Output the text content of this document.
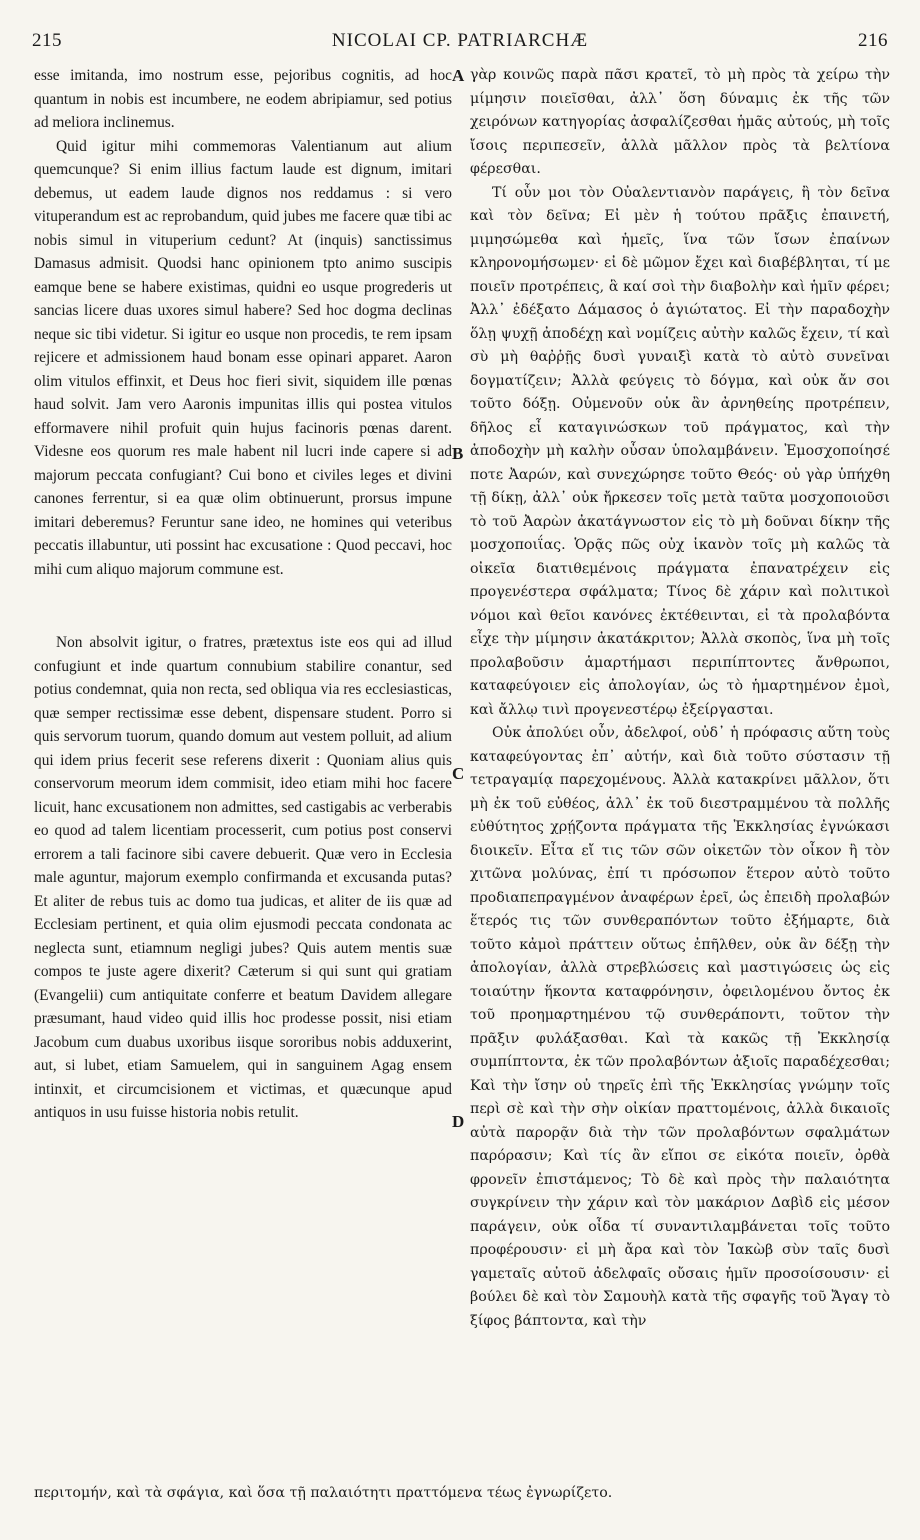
215	NICOLAI CP. PATRIARCHÆ	216

esse imitanda, imo nostrum esse, pejoribus cognitis, ad hoc quantum in nobis est incumbere, ne eodem abripiamur, sed potius ad meliora inclinemus.

Quid igitur mihi commemoras Valentianum aut alium quemcunque? Si enim illius factum laude est dignum, imitari debemus, ut eadem laude dignos nos reddamus : si vero vituperandum est ac reprobandum, quid jubes me facere quæ tibi ac nobis simul in vituperium cedunt? At (inquis) sanctissimus Damasus admisit. Quodsi hanc opinionem tpto animo suscipis eamque bene se habere existimas, quidni eo usque progrederis ut sancias licere duas uxores simul habere? Sed hoc dogma declinas neque sic tibi videtur. Si igitur eo usque non procedis, te rem ipsam rejicere et admissionem haud bonam esse opinari apparet. Aaron olim vitulos effinxit, et Deus hoc fieri sivit, siquidem ille pœnas haud solvit. Jam vero Aaronis impunitas illis qui postea vitulos efformavere nihil profuit quin hujus facinoris pœnas darent. Videsne eos quorum res male habent nil lucri inde capere si ad majorum peccata confugiant? Cui bono et civiles leges et divini canones ferrentur, si ea quæ olim obtinuerunt, prorsus impune imitari deberemus? Feruntur sane ideo, ne homines qui veteribus peccatis illabuntur, uti possint hac excusatione : Quod peccavi, hoc mihi cum aliquo majorum commune est.

Non absolvit igitur, o fratres, prætextus iste eos qui ad illud confugiunt et inde quartum connubium stabilire conantur, sed potius condemnat, quia non recta, sed obliqua via res ecclesiasticas, quæ semper rectissimæ esse debent, dispensare student. Porro si quis servorum tuorum, quando domum aut vestem polluit, ad alium qui idem prius fecerit sese referens dixerit : Quoniam alius quis conservorum meorum idem commisit, ideo etiam mihi hoc facere licuit, hanc excusationem non admittes, sed castigabis ac verberabis eo quod ad talem licentiam processerit, cum potius post conservi errorem a tali facinore sibi cavere debuerit. Quæ vero in Ecclesia male aguntur, majorum exemplo confirmanda et excusanda putas? Et aliter de rebus tuis ac domo tua judicas, et aliter de iis quæ ad Ecclesiam pertinent, et quia olim ejusmodi peccata condonata ac neglecta sunt, etiamnum negligi jubes? Quis autem mentis suæ compos te juste agere dixerit? Cæterum si qui sunt qui gratiam (Evangelii) cum antiquitate conferre et beatum Davidem allegare præsumant, haud video quid illis hoc prodesse possit, nisi etiam Jacobum cum duabus uxoribus iisque sororibus nobis adduxerint, aut, si lubet, etiam Samuelem, qui in sanguinem Agag ensem intinxit, et circumcisionem et victimas, et quæcunque apud antiquos in usu fuisse historia nobis retulit.

A
B
C
D

γὰρ κοινῶς παρὰ πᾶσι κρατεῖ, τὸ μὴ πρὸς τὰ χείρω τὴν μίμησιν ποιεῖσθαι, ἀλλ᾽ ὅση δύναμις ἐκ τῆς τῶν χειρόνων κατηγορίας ἀσφαλίζεσθαι ἡμᾶς αὐτούς, μὴ τοῖς ἴσοις περιπεσεῖν, ἀλλὰ μᾶλλον πρὸς τὰ βελτίονα φέρεσθαι.

Τί οὖν μοι τὸν Οὐαλεντιανὸν παράγεις, ἢ τὸν δεῖνα καὶ τὸν δεῖνα; Εἰ μὲν ἡ τούτου πρᾶξις ἐπαινετή, μιμησώμεθα καὶ ἡμεῖς, ἵνα τῶν ἴσων ἐπαίνων κληρονομήσωμεν· εἰ δὲ μῶμον ἔχει καὶ διαβέβληται, τί με ποιεῖν προτρέπεις, ἃ καί σοὶ τὴν διαβολὴν καὶ ἡμῖν φέρει; Ἀλλ᾽ ἐδέξατο Δάμασος ὁ ἁγιώτατος. Εἰ τὴν παραδοχὴν ὅλῃ ψυχῇ ἀποδέχῃ καὶ νομίζεις αὐτὴν καλῶς ἔχειν, τί καὶ σὺ μὴ θαῤῥῇς δυσὶ γυναιξὶ κατὰ τὸ αὐτὸ συνεῖναι δογματίζειν; Ἀλλὰ φεύγεις τὸ δόγμα, καὶ οὐκ ἄν σοι τοῦτο δόξῃ. Οὐμενοῦν οὐκ ἂν ἀρνηθείης προτρέπειν, δῆλος εἶ καταγινώσκων τοῦ πράγματος, καὶ τὴν ἀποδοχὴν μὴ καλὴν οὖσαν ὑπολαμβάνειν. Ἐμοσχοποίησέ ποτε Ἀαρών, καὶ συνεχώρησε τοῦτο Θεός· οὐ γὰρ ὑπήχθη τῇ δίκῃ, ἀλλ᾽ οὐκ ἤρκεσεν τοῖς μετὰ ταῦτα μοσχοποιοῦσι τὸ τοῦ Ἀαρὼν ἀκατάγνωστον εἰς τὸ μὴ δοῦναι δίκην τῆς μοσχοποιΐας. Ὁρᾷς πῶς οὐχ ἱκανὸν τοῖς μὴ καλῶς τὰ οἰκεῖα διατιθεμένοις πράγματα ἐπανατρέχειν εἰς προγενέστερα σφάλματα; Τίνος δὲ χάριν καὶ πολιτικοὶ νόμοι καὶ θεῖοι κανόνες ἐκτέθεινται, εἰ τὰ προλαβόντα εἶχε τὴν μίμησιν ἀκατάκριτον; Ἀλλὰ σκοπὸς, ἵνα μὴ τοῖς προλαβοῦσιν ἁμαρτήμασι περιπίπτοντες ἄνθρωποι, καταφεύγοιεν εἰς ἀπολογίαν, ὡς τὸ ἡμαρτημένον ἐμοὶ, καὶ ἄλλῳ τινὶ προγενεστέρῳ ἐξείργασται.

Οὐκ ἀπολύει οὖν, ἀδελφοί, οὐδ᾽ ἡ πρόφασις αὕτη τοὺς καταφεύγοντας ἐπ᾽ αὐτήν, καὶ διὰ τοῦτο σύστασιν τῇ τετραγαμίᾳ παρεχομένους. Ἀλλὰ κατακρίνει μᾶλλον, ὅτι μὴ ἐκ τοῦ εὐθέος, ἀλλ᾽ ἐκ τοῦ διεστραμμένου τὰ πολλῆς εὐθύτητος χρῄζοντα πράγματα τῆς Ἐκκλησίας ἐγνώκασι διοικεῖν. Εἶτα εἴ τις τῶν σῶν οἰκετῶν τὸν οἶκον ἢ τὸν χιτῶνα μολύνας, ἐπί τι πρόσωπον ἕτερον αὐτὸ τοῦτο προδιαπεπραγμένον ἀναφέρων ἐρεῖ, ὡς ἐπειδὴ προλαβών ἕτερός τις τῶν συνθεραπόντων τοῦτο ἐξήμαρτε, διὰ τοῦτο κἀμοὶ πράττειν οὕτως ἐπῆλθεν, οὐκ ἂν δέξῃ τὴν ἀπολογίαν, ἀλλὰ στρεβλώσεις καὶ μαστιγώσεις ὡς εἰς τοιαύτην ἥκοντα καταφρόνησιν, ὀφειλομένου ὄντος ἐκ τοῦ προημαρτημένου τῷ συνθεράποντι, τοῦτον τὴν πρᾶξιν φυλάξασθαι. Καὶ τὰ κακῶς τῇ Ἐκκλησίᾳ συμπίπτοντα, ἐκ τῶν προλαβόντων ἀξιοῖς παραδέχεσθαι; Καὶ τὴν ἴσην οὐ τηρεῖς ἐπὶ τῆς Ἐκκλησίας γνώμην τοῖς περὶ σὲ καὶ τὴν σὴν οἰκίαν πραττομένοις, ἀλλὰ δικαιοῖς αὐτὰ παρορᾷν διὰ τὴν τῶν προλαβόντων σφαλμάτων παρόρασιν; Καὶ τίς ἂν εἴποι σε εἰκότα ποιεῖν, ὀρθὰ φρονεῖν ἐπιστάμενος; Τὸ δὲ καὶ πρὸς τὴν παλαιότητα συγκρίνειν τὴν χάριν καὶ τὸν μακάριον Δαβὶδ εἰς μέσον παράγειν, οὐκ οἶδα τί συναντιλαμβάνεται τοῖς τοῦτο προφέρουσιν· εἰ μὴ ἄρα καὶ τὸν Ἰακὼβ σὺν ταῖς δυσὶ γαμεταῖς αὐτοῦ ἀδελφαῖς οὔσαις ἡμῖν προσοίσουσιν· εἰ βούλει δὲ καὶ τὸν Σαμουὴλ κατὰ τῆς σφαγῆς τοῦ Ἄγαγ τὸ ξίφος βάπτοντα, καὶ τὴν

περιτομήν, καὶ τὰ σφάγια, καὶ ὅσα τῇ παλαιότητι πραττόμενα τέως ἐγνωρίζετο.
